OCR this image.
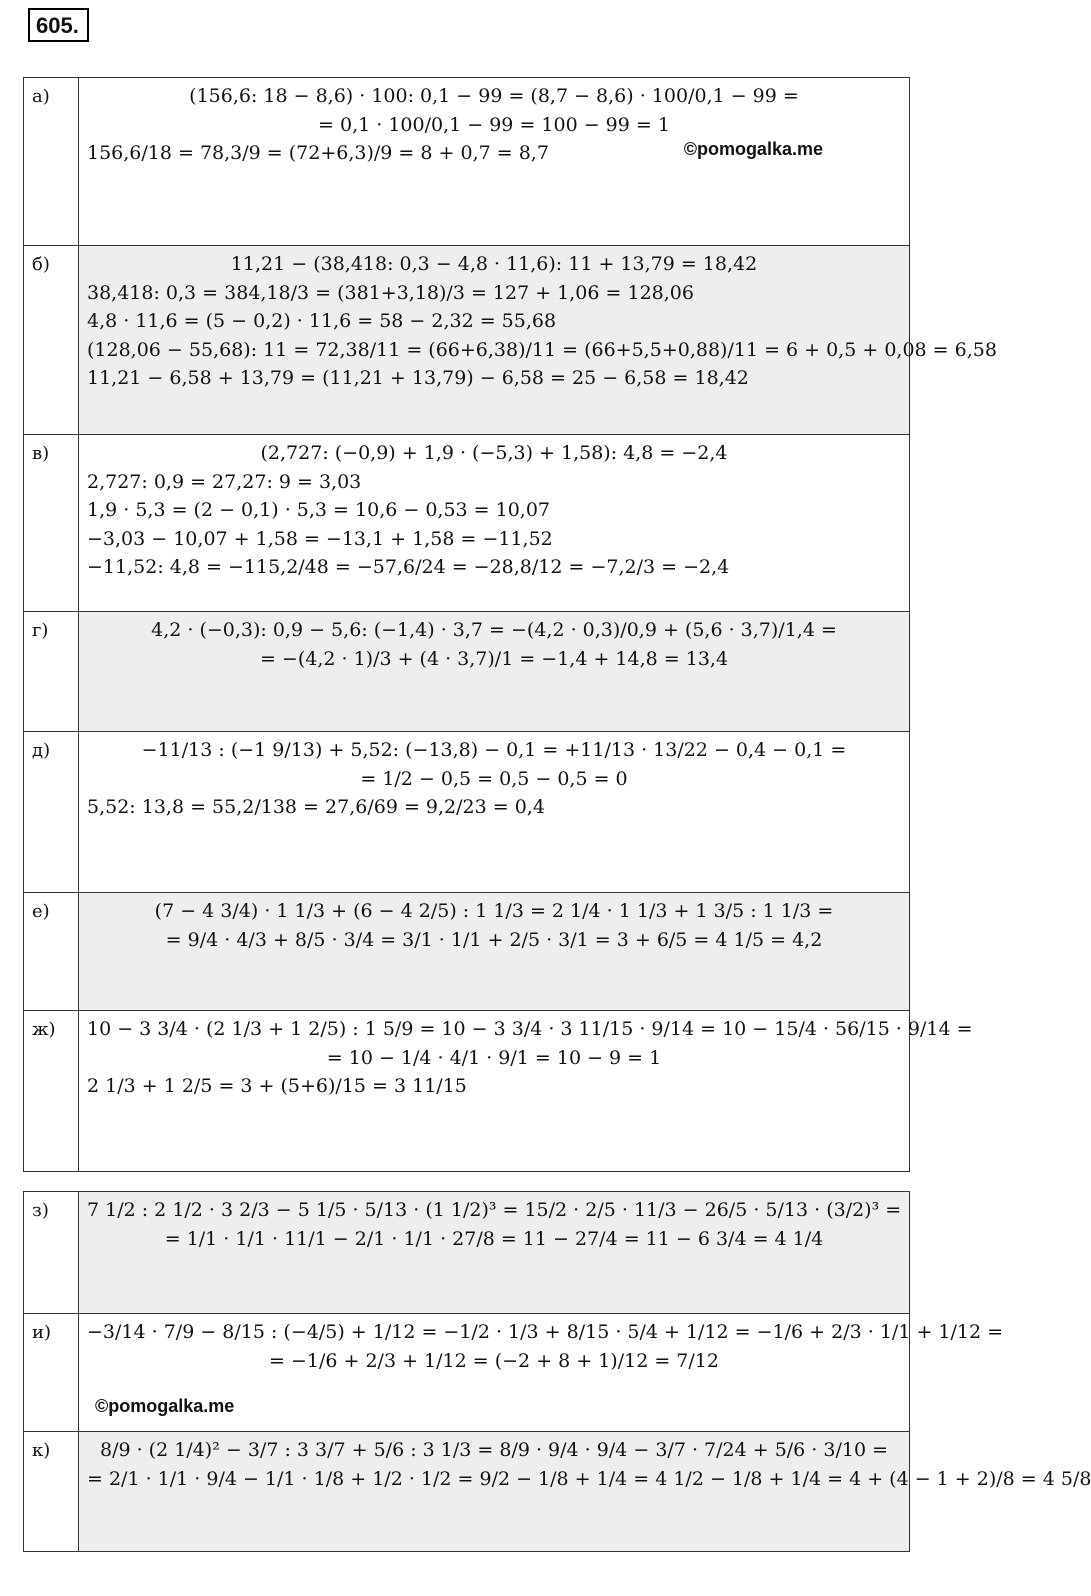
605.
а)	(156,6: 18 − 8,6) · 100: 0,1 − 99 = (8,7 − 8,6) · 100/0,1 − 99 =
= 0,1 · 100/0,1 − 99 = 100 − 99 = 1
156,6/18 = 78,3/9 = (72+6,3)/9 = 8 + 0,7 = 8,7 ©pomogalka.me

б)	11,21 − (38,418: 0,3 − 4,8 · 11,6): 11 + 13,79 = 18,42
38,418: 0,3 = 384,18/3 = (381+3,18)/3 = 127 + 1,06 = 128,06
4,8 · 11,6 = (5 − 0,2) · 11,6 = 58 − 2,32 = 55,68
(128,06 − 55,68): 11 = 72,38/11 = (66+6,38)/11 = (66+5,5+0,88)/11 = 6 + 0,5 + 0,08 = 6,58
11,21 − 6,58 + 13,79 = (11,21 + 13,79) − 6,58 = 25 − 6,58 = 18,42

в)	(2,727: (−0,9) + 1,9 · (−5,3) + 1,58): 4,8 = −2,4
2,727: 0,9 = 27,27: 9 = 3,03
1,9 · 5,3 = (2 − 0,1) · 5,3 = 10,6 − 0,53 = 10,07
−3,03 − 10,07 + 1,58 = −13,1 + 1,58 = −11,52
−11,52: 4,8 = −115,2/48 = −57,6/24 = −28,8/12 = −7,2/3 = −2,4

г)	4,2 · (−0,3): 0,9 − 5,6: (−1,4) · 3,7 = −(4,2 · 0,3)/0,9 + (5,6 · 3,7)/1,4 =
= −(4,2 · 1)/3 + (4 · 3,7)/1 = −1,4 + 14,8 = 13,4

д)	−11/13 : (−1 9/13) + 5,52: (−13,8) − 0,1 = +11/13 · 13/22 − 0,4 − 0,1 =
= 1/2 − 0,5 = 0,5 − 0,5 = 0
5,52: 13,8 = 55,2/138 = 27,6/69 = 9,2/23 = 0,4

е)	(7 − 4 3/4) · 1 1/3 + (6 − 4 2/5) : 1 1/3 = 2 1/4 · 1 1/3 + 1 3/5 : 1 1/3 =
= 9/4 · 4/3 + 8/5 · 3/4 = 3/1 · 1/1 + 2/5 · 3/1 = 3 + 6/5 = 4 1/5 = 4,2

ж)	10 − 3 3/4 · (2 1/3 + 1 2/5) : 1 5/9 = 10 − 3 3/4 · 3 11/15 · 9/14 = 10 − 15/4 · 56/15 · 9/14 =
= 10 − 1/4 · 4/1 · 9/1 = 10 − 9 = 1
2 1/3 + 1 2/5 = 3 + (5+6)/15 = 3 11/15
з)	7 1/2 : 2 1/2 · 3 2/3 − 5 1/5 · 5/13 · (1 1/2)³ = 15/2 · 2/5 · 11/3 − 26/5 · 5/13 · (3/2)³ =
= 1/1 · 1/1 · 11/1 − 2/1 · 1/1 · 27/8 = 11 − 27/4 = 11 − 6 3/4 = 4 1/4

и)	−3/14 · 7/9 − 8/15 : (−4/5) + 1/12 = −1/2 · 1/3 + 8/15 · 5/4 + 1/12 = −1/6 + 2/3 · 1/1 + 1/12 =
= −1/6 + 2/3 + 1/12 = (−2 + 8 + 1)/12 = 7/12
©pomogalka.me

к)	8/9 · (2 1/4)² − 3/7 : 3 3/7 + 5/6 : 3 1/3 = 8/9 · 9/4 · 9/4 − 3/7 · 7/24 + 5/6 · 3/10 =
= 2/1 · 1/1 · 9/4 − 1/1 · 1/8 + 1/2 · 1/2 = 9/2 − 1/8 + 1/4 = 4 1/2 − 1/8 + 1/4 = 4 + (4 − 1 + 2)/8 = 4 5/8
